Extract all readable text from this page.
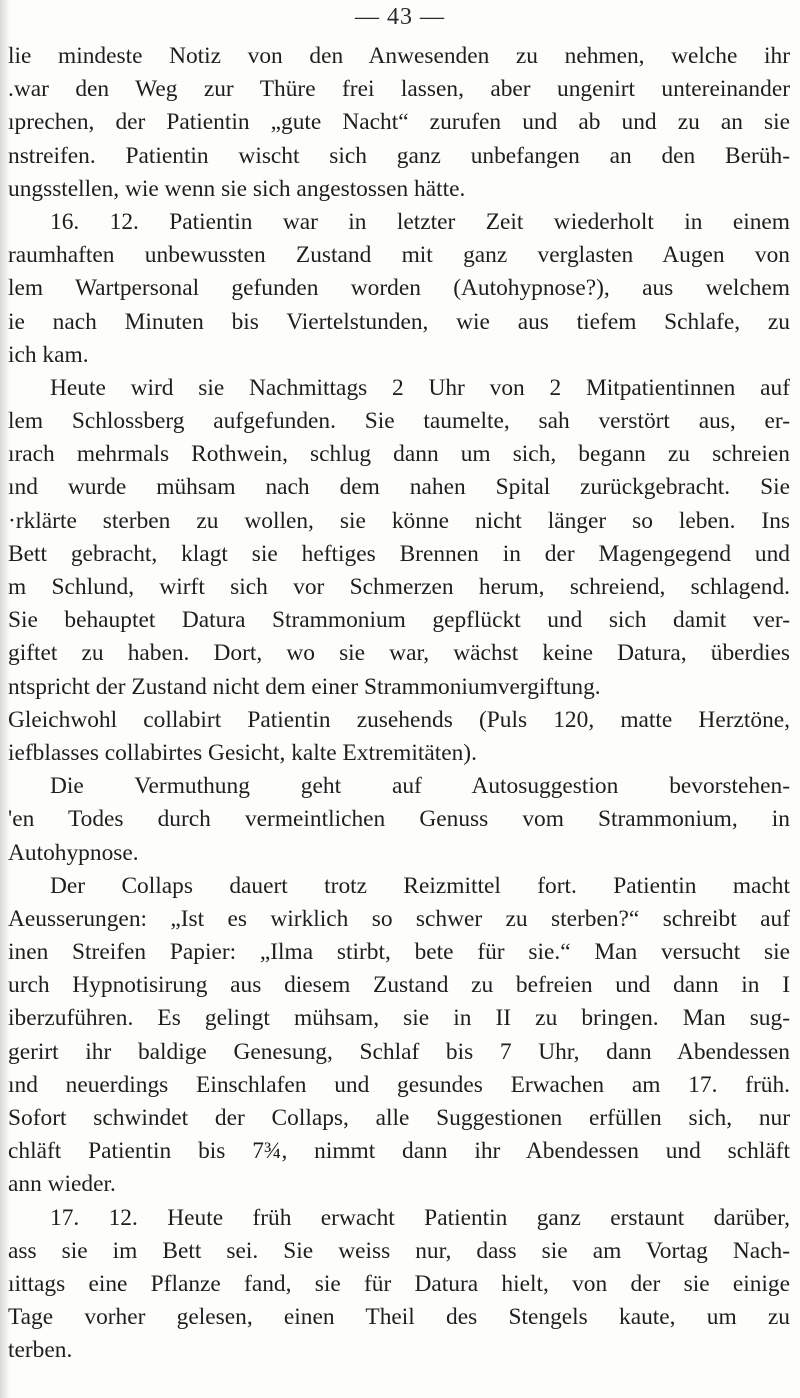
— 43 —
lie mindeste Notiz von den Anwesenden zu nehmen, welche ihr
.war den Weg zur Thüre frei lassen, aber ungenirt untereinander
ıprechen, der Patientin „gute Nacht“ zurufen und ab und zu an sie
nstreifen. Patientin wischt sich ganz unbefangen an den Berüh-
ungsstellen, wie wenn sie sich angestossen hätte.
16. 12. Patientin war in letzter Zeit wiederholt in einem
raumhaften unbewussten Zustand mit ganz verglasten Augen von
lem Wartpersonal gefunden worden (Autohypnose?), aus welchem
ie nach Minuten bis Viertelstunden, wie aus tiefem Schlafe, zu
ich kam.
Heute wird sie Nachmittags 2 Uhr von 2 Mitpatientinnen auf
lem Schlossberg aufgefunden. Sie taumelte, sah verstört aus, er-
ırach mehrmals Rothwein, schlug dann um sich, begann zu schreien
ınd wurde mühsam nach dem nahen Spital zurückgebracht. Sie
·rklärte sterben zu wollen, sie könne nicht länger so leben. Ins
Bett gebracht, klagt sie heftiges Brennen in der Magengegend und
m Schlund, wirft sich vor Schmerzen herum, schreiend, schlagend.
Sie behauptet Datura Strammonium gepflückt und sich damit ver-
giftet zu haben. Dort, wo sie war, wächst keine Datura, überdies
ntspricht der Zustand nicht dem einer Strammoniumvergiftung.
Gleichwohl collabirt Patientin zusehends (Puls 120, matte Herztöne,
iefblasses collabirtes Gesicht, kalte Extremitäten).
Die Vermuthung geht auf Autosuggestion bevorstehen-
'en Todes durch vermeintlichen Genuss vom Strammonium, in
Autohypnose.
Der Collaps dauert trotz Reizmittel fort. Patientin macht
Aeusserungen: „Ist es wirklich so schwer zu sterben?“ schreibt auf
inen Streifen Papier: „Ilma stirbt, bete für sie.“ Man versucht sie
urch Hypnotisirung aus diesem Zustand zu befreien und dann in I
iberzuführen. Es gelingt mühsam, sie in II zu bringen. Man sug-
gerirt ihr baldige Genesung, Schlaf bis 7 Uhr, dann Abendessen
ınd neuerdings Einschlafen und gesundes Erwachen am 17. früh.
Sofort schwindet der Collaps, alle Suggestionen erfüllen sich, nur
chläft Patientin bis 7¾, nimmt dann ihr Abendessen und schläft
ann wieder.
17. 12. Heute früh erwacht Patientin ganz erstaunt darüber,
ass sie im Bett sei. Sie weiss nur, dass sie am Vortag Nach-
ıittags eine Pflanze fand, sie für Datura hielt, von der sie einige
Tage vorher gelesen, einen Theil des Stengels kaute, um zu
terben.
